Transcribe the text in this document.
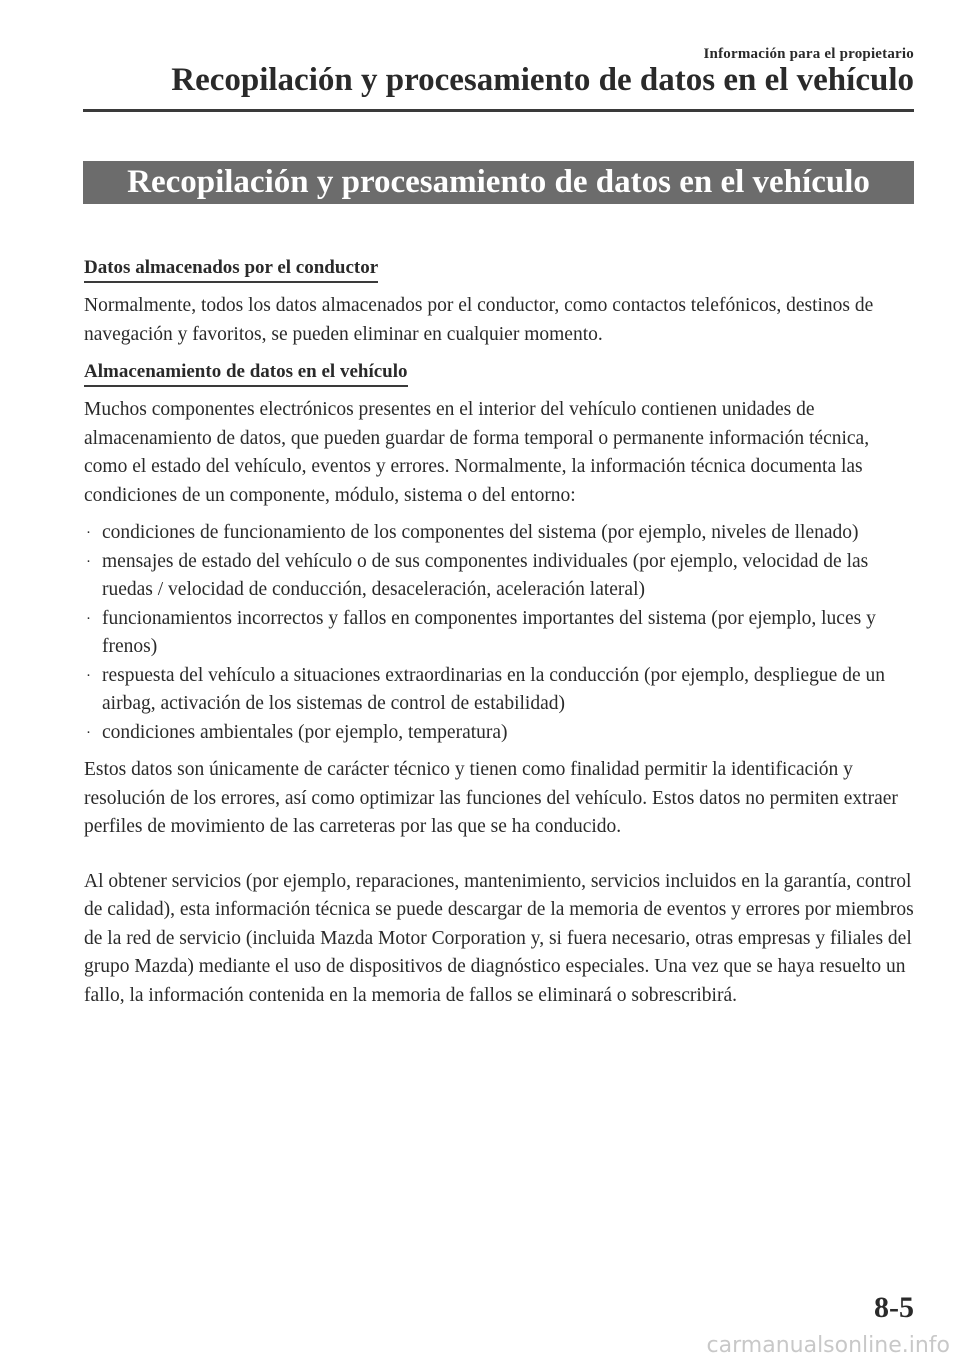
Información para el propietario
Recopilación y procesamiento de datos en el vehículo
Recopilación y procesamiento de datos en el vehículo
Datos almacenados por el conductor

Normalmente, todos los datos almacenados por el conductor, como contactos telefónicos, destinos de navegación y favoritos, se pueden eliminar en cualquier momento.

Almacenamiento de datos en el vehículo

Muchos componentes electrónicos presentes en el interior del vehículo contienen unidades de almacenamiento de datos, que pueden guardar de forma temporal o permanente información técnica, como el estado del vehículo, eventos y errores. Normalmente, la información técnica documenta las condiciones de un componente, módulo, sistema o del entorno:

· condiciones de funcionamiento de los componentes del sistema (por ejemplo, niveles de llenado)
· mensajes de estado del vehículo o de sus componentes individuales (por ejemplo, velocidad de las ruedas / velocidad de conducción, desaceleración, aceleración lateral)
· funcionamientos incorrectos y fallos en componentes importantes del sistema (por ejemplo, luces y frenos)
· respuesta del vehículo a situaciones extraordinarias en la conducción (por ejemplo, despliegue de un airbag, activación de los sistemas de control de estabilidad)
· condiciones ambientales (por ejemplo, temperatura)

Estos datos son únicamente de carácter técnico y tienen como finalidad permitir la identificación y resolución de los errores, así como optimizar las funciones del vehículo. Estos datos no permiten extraer perfiles de movimiento de las carreteras por las que se ha conducido.

Al obtener servicios (por ejemplo, reparaciones, mantenimiento, servicios incluidos en la garantía, control de calidad), esta información técnica se puede descargar de la memoria de eventos y errores por miembros de la red de servicio (incluida Mazda Motor Corporation y, si fuera necesario, otras empresas y filiales del grupo Mazda) mediante el uso de dispositivos de diagnóstico especiales. Una vez que se haya resuelto un fallo, la información contenida en la memoria de fallos se eliminará o sobrescribirá.

8-5
carmanualsonline.info
